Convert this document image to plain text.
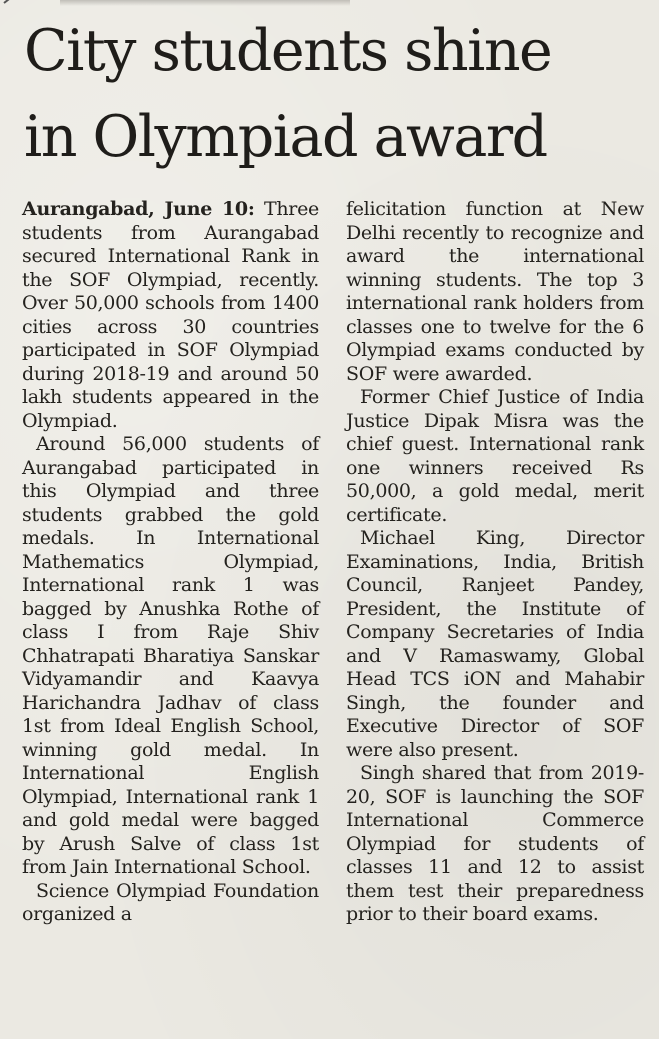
City students shine
in Olympiad award

Aurangabad, June 10: Three students from Aurangabad secured International Rank in the SOF Olympiad, recently. Over 50,000 schools from 1400 cities across 30 countries participated in SOF Olympiad during 2018-19 and around 50 lakh students appeared in the Olympiad.

Around 56,000 students of Aurangabad participated in this Olympiad and three students grabbed the gold medals. In International Mathematics Olympiad, International rank 1 was bagged by Anushka Rothe of class I from Raje Shiv Chhatrapati Bharatiya Sanskar Vidyamandir and Kaavya Harichandra Jadhav of class 1st from Ideal English School, winning gold medal. In International English Olympiad, International rank 1 and gold medal were bagged by Arush Salve of class 1st from Jain International School.

Science Olympiad Foundation organized a

felicitation function at New Delhi recently to recognize and award the international winning students. The top 3 international rank holders from classes one to twelve for the 6 Olympiad exams conducted by SOF were awarded.

Former Chief Justice of India Justice Dipak Misra was the chief guest. International rank one winners received Rs 50,000, a gold medal, merit certificate.

Michael King, Director Examinations, India, British Council, Ranjeet Pandey, President, the Institute of Company Secretaries of India and V Ramaswamy, Global Head TCS iON and Mahabir Singh, the founder and Executive Director of SOF were also present.

Singh shared that from 2019-20, SOF is launching the SOF International Commerce Olympiad for students of classes 11 and 12 to assist them test their preparedness prior to their board exams.
